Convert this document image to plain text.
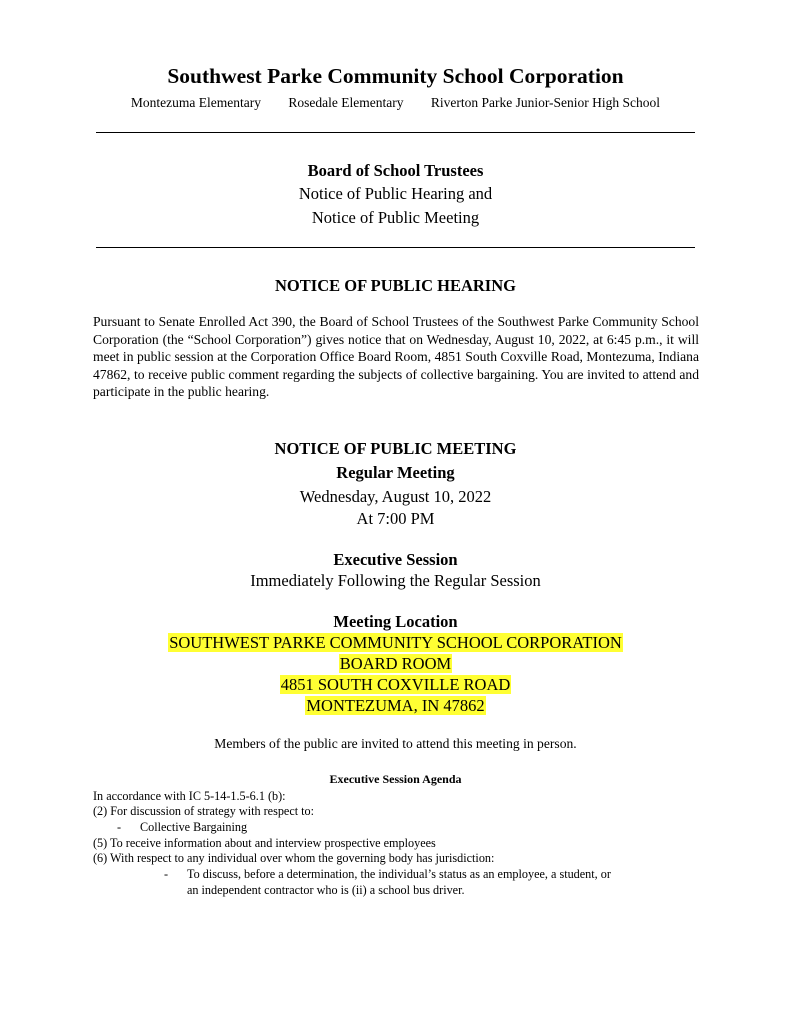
Southwest Parke Community School Corporation
Montezuma Elementary Rosedale Elementary Riverton Parke Junior-Senior High School
Board of School Trustees
Notice of Public Hearing and
Notice of Public Meeting
NOTICE OF PUBLIC HEARING
Pursuant to Senate Enrolled Act 390, the Board of School Trustees of the Southwest Parke Community School Corporation (the “School Corporation”) gives notice that on Wednesday, August 10, 2022, at 6:45 p.m., it will meet in public session at the Corporation Office Board Room, 4851 South Coxville Road, Montezuma, Indiana 47862, to receive public comment regarding the subjects of collective bargaining. You are invited to attend and participate in the public hearing.
NOTICE OF PUBLIC MEETING
Regular Meeting
Wednesday, August 10, 2022
At 7:00 PM
Executive Session
Immediately Following the Regular Session
Meeting Location
SOUTHWEST PARKE COMMUNITY SCHOOL CORPORATION
BOARD ROOM
4851 SOUTH COXVILLE ROAD
MONTEZUMA, IN 47862
Members of the public are invited to attend this meeting in person.
Executive Session Agenda
In accordance with IC 5-14-1.5-6.1 (b):
(2) For discussion of strategy with respect to:
- Collective Bargaining
(5) To receive information about and interview prospective employees
(6) With respect to any individual over whom the governing body has jurisdiction:
- To discuss, before a determination, the individual’s status as an employee, a student, or
an independent contractor who is (ii) a school bus driver.
